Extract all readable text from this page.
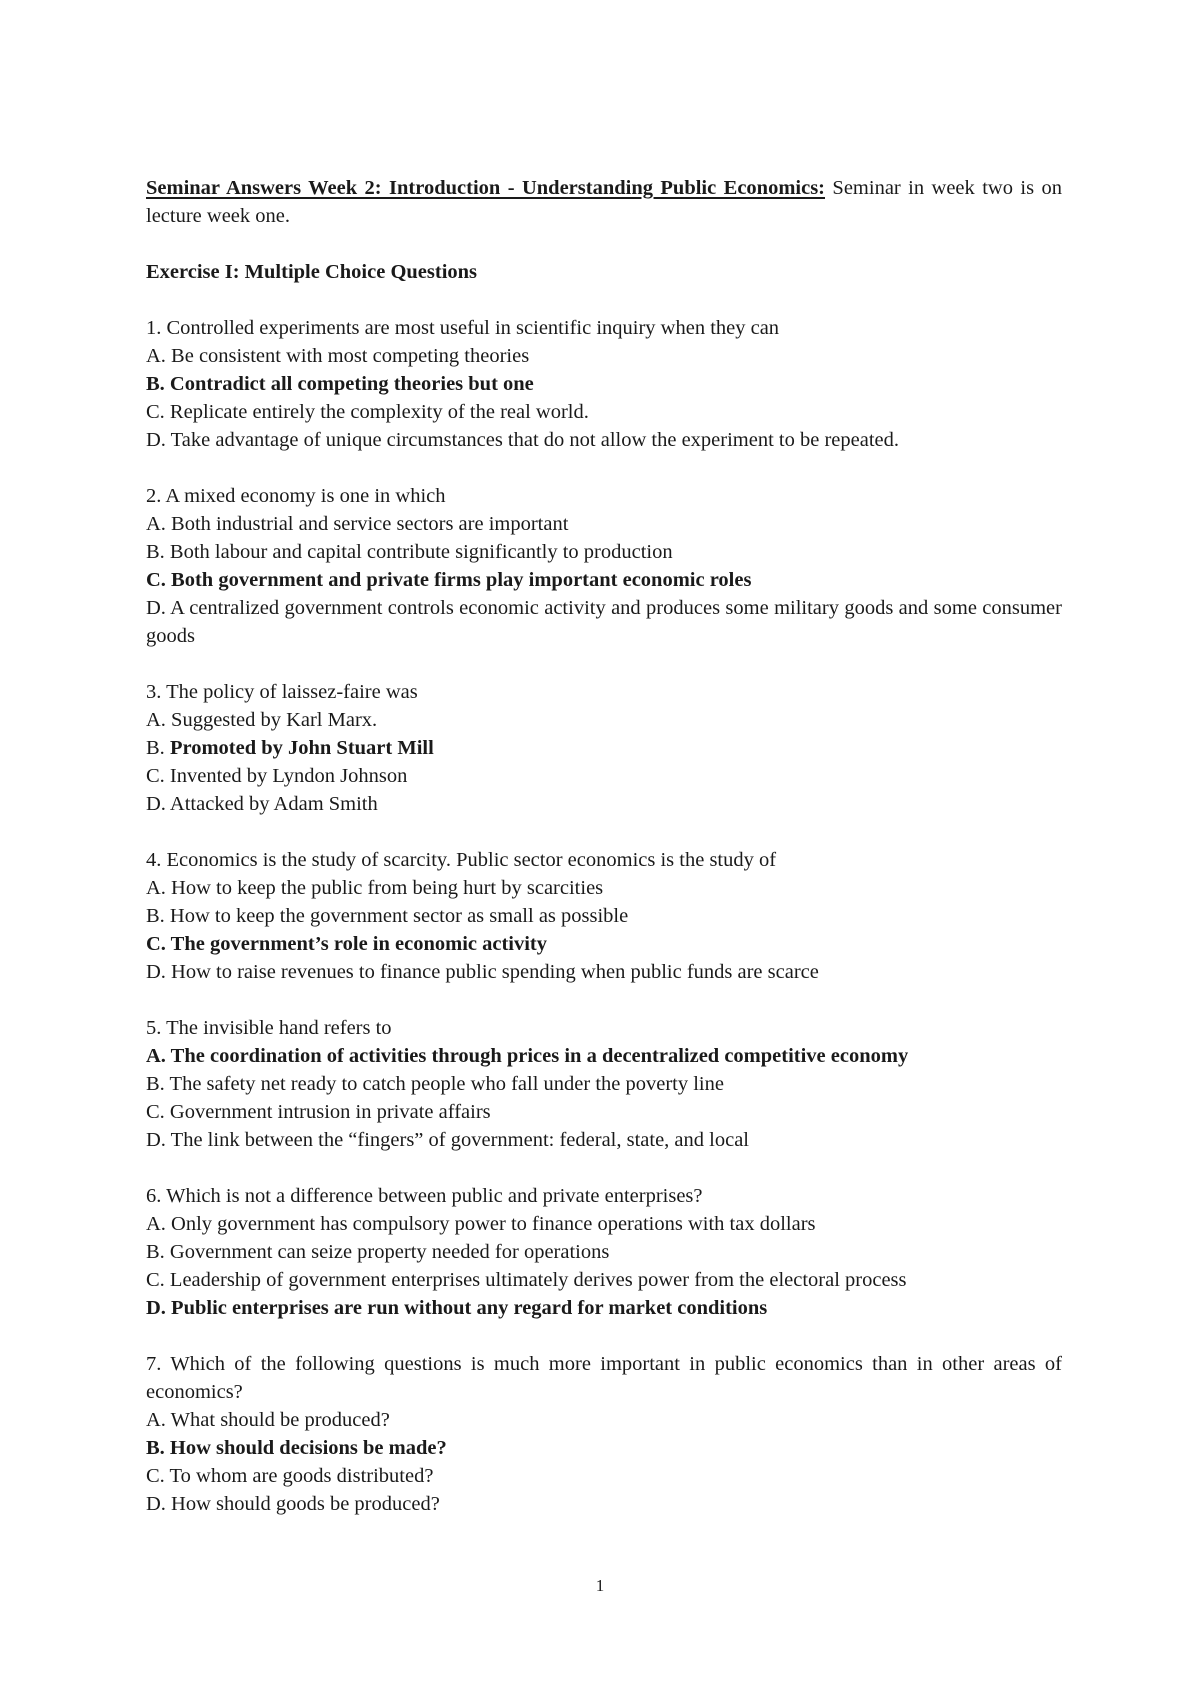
Seminar Answers Week 2: Introduction - Understanding Public Economics: Seminar in week two is on lecture week one.
Exercise I: Multiple Choice Questions
1. Controlled experiments are most useful in scientific inquiry when they can
A. Be consistent with most competing theories
B. Contradict all competing theories but one
C. Replicate entirely the complexity of the real world.
D. Take advantage of unique circumstances that do not allow the experiment to be repeated.
2. A mixed economy is one in which
A. Both industrial and service sectors are important
B. Both labour and capital contribute significantly to production
C. Both government and private firms play important economic roles
D. A centralized government controls economic activity and produces some military goods and some consumer goods
3. The policy of laissez-faire was
A. Suggested by Karl Marx.
B. Promoted by John Stuart Mill
C. Invented by Lyndon Johnson
D. Attacked by Adam Smith
4. Economics is the study of scarcity. Public sector economics is the study of
A. How to keep the public from being hurt by scarcities
B. How to keep the government sector as small as possible
C. The government’s role in economic activity
D. How to raise revenues to finance public spending when public funds are scarce
5. The invisible hand refers to
A. The coordination of activities through prices in a decentralized competitive economy
B. The safety net ready to catch people who fall under the poverty line
C. Government intrusion in private affairs
D. The link between the “fingers” of government: federal, state, and local
6. Which is not a difference between public and private enterprises?
A. Only government has compulsory power to finance operations with tax dollars
B. Government can seize property needed for operations
C. Leadership of government enterprises ultimately derives power from the electoral process
D. Public enterprises are run without any regard for market conditions
7. Which of the following questions is much more important in public economics than in other areas of economics?
A. What should be produced?
B. How should decisions be made?
C. To whom are goods distributed?
D. How should goods be produced?
1
